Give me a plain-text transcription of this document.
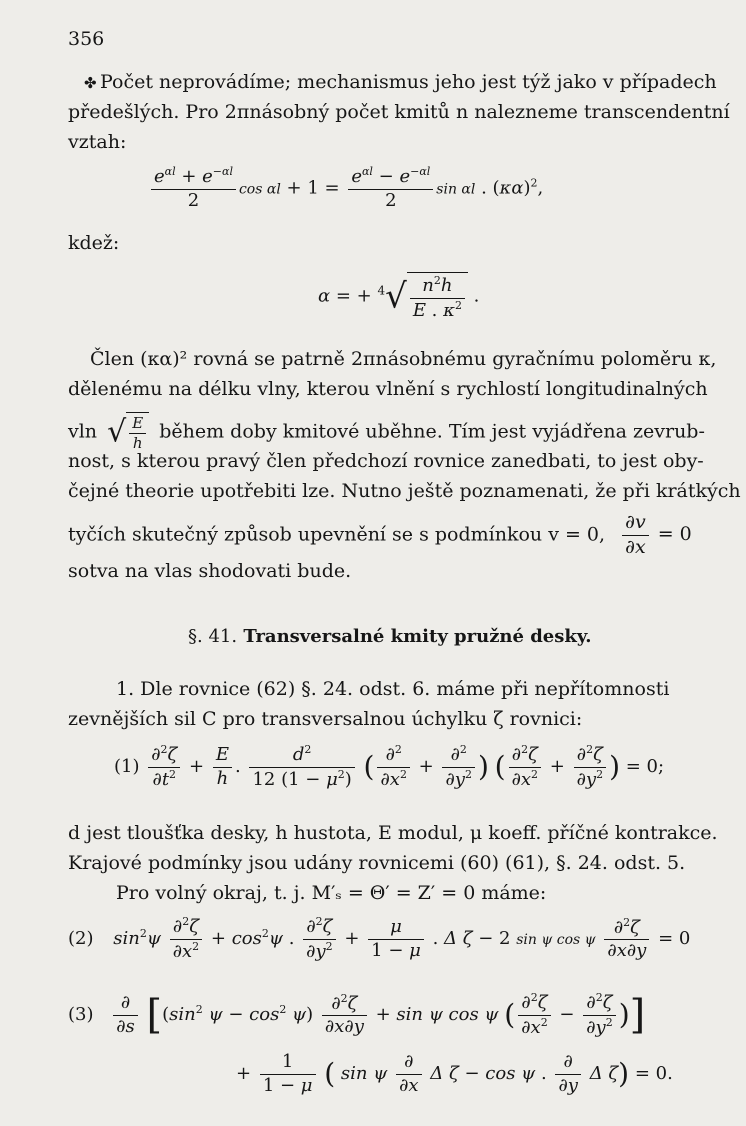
356
✤ Počet neprovádíme; mechanismus jeho jest týž jako v případech
předešlých. Pro 2πnásobný počet kmitů n nalezneme transcendentní
vztah:
$\frac{e^{\alpha l} + e^{-\alpha l}}{2}$ $\cos \alpha l + 1 = \frac{e^{\alpha l} - e^{-\alpha l}}{2}$ sin αl . $(\kappa\alpha)^2$,
kdež:
α = + $^4√ \frac{n^2h}{E . \kappa^2}$ .
Člen (κα)² rovná se patrně 2πnásobnému gyračnímu poloměru κ,
dělenému na délku vlny, kterou vlnění s rychlostí longitudinalných
vln √ $\frac{E}{h}$ během doby kmitové uběhne. Tím jest vyjádřena zevrub-
nost, s kterou pravý člen předchozí rovnice zanedbati, to jest oby-
čejné theorie upotřebiti lze. Nutno ještě poznamenati, že při krátkých
tyčích skutečný způsob upevnění se s podmínkou v = 0, $\frac{\partial v}{\partial x} = 0$
sotva na vlas shodovati bude.
§. 41. Transversalné kmity pružné desky.
1. Dle rovnice (62) §. 24. odst. 6. máme při nepřítomnosti
zevnějších sil C pro transversalnou úchylku ζ rovnici:
$(1) \frac{\partial^2\zeta}{\partial t^2} + \frac{E}{h}$ . $\frac{d^2}{12 (1 - \mu^2)}$ ( $\frac{\partial^2}{\partial x^2} + \frac{\partial^2}{\partial y^2}$ ) ( $\frac{\partial^2\zeta}{\partial x^2} + \frac{\partial^2\zeta}{\partial y^2}$ ) = 0;
d jest tloušťka desky, h hustota, E modul, μ koeff. příčné kontrakce.
Krajové podmínky jsou udány rovnicemi (60) (61), §. 24. odst. 5.
Pro volný okraj, t. j. M′ₛ = Θ′ = Z′ = 0 máme:
(2) $\sin^2\psi \frac{\partial^2\zeta}{\partial x^2} + \cos^2\psi$ . $\frac{\partial^2\zeta}{\partial y^2} + \frac{\mu}{1 - \mu}$ . Δ ζ − 2 sin ψ cos ψ $\frac{\partial^2\zeta}{\partial x\partial y} = 0$
$(3) \frac{\partial}{\partial s} [(\sin^2$ $\psi - \cos^2 \psi) \frac{\partial^2\zeta}{\partial x\partial y} + \sin \psi$ cos ψ ( $\frac{\partial^2\zeta}{\partial x^2} - \frac{\partial^2\zeta}{\partial y^2}$ )]
+ $\frac{1}{1 - \mu}$ ( sin ψ $\frac{\partial}{\partial x}$ Δ ζ − cos ψ . $\frac{\partial}{\partial y}$ Δ ζ) = 0.
